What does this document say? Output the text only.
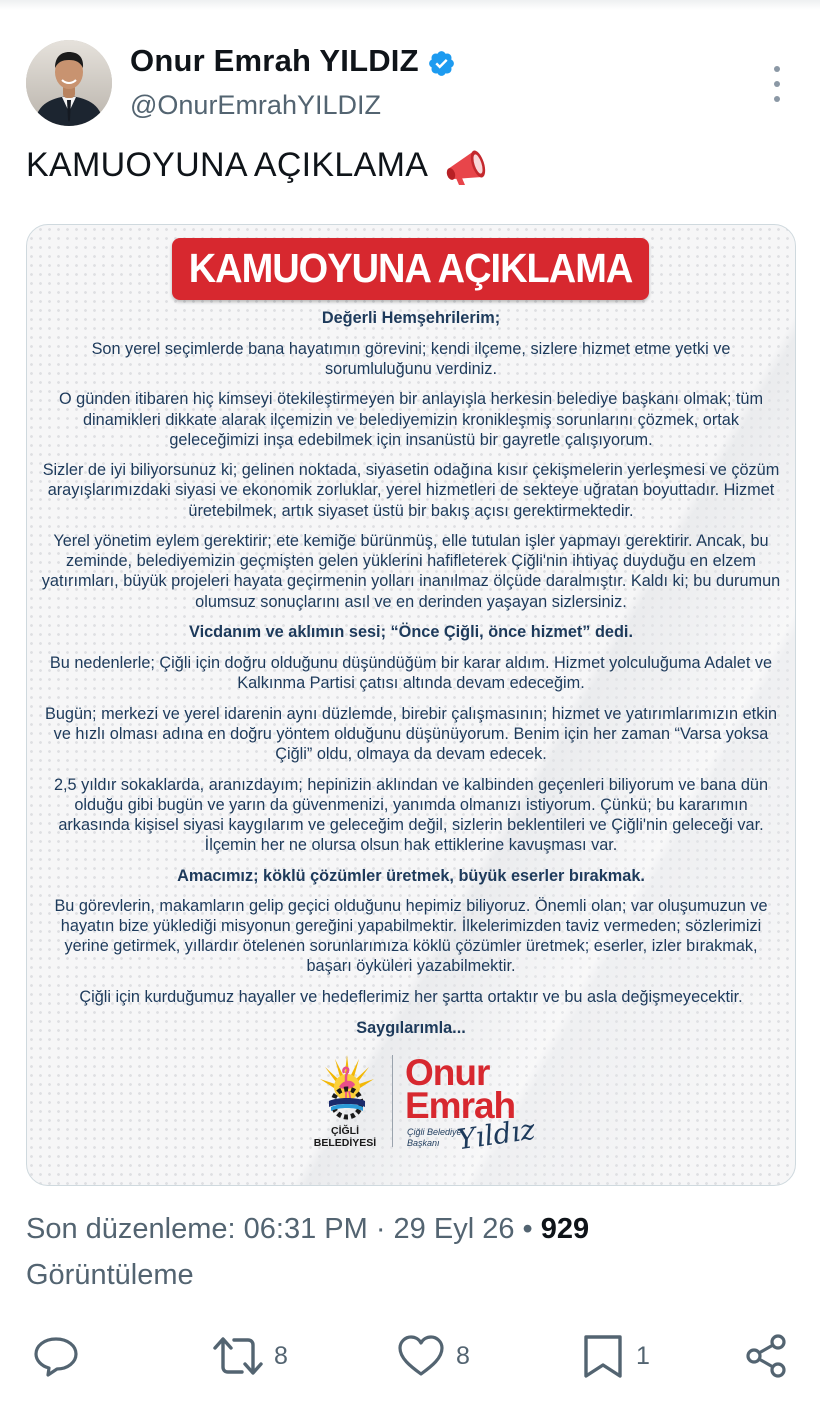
Onur Emrah YILDIZ
@OnurEmrahYILDIZ
KAMUOYUNA AÇIKLAMA
KAMUOYUNA AÇIKLAMA

Değerli Hemşehrilerim;

Son yerel seçimlerde bana hayatımın görevini; kendi ilçeme, sizlere hizmet etme yetki ve sorumluluğunu verdiniz.

O günden itibaren hiç kimseyi ötekileştirmeyen bir anlayışla herkesin belediye başkanı olmak; tüm dinamikleri dikkate alarak ilçemizin ve belediyemizin kronikleşmiş sorunlarını çözmek, ortak geleceğimizi inşa edebilmek için insanüstü bir gayretle çalışıyorum.

Sizler de iyi biliyorsunuz ki; gelinen noktada, siyasetin odağına kısır çekişmelerin yerleşmesi ve çözüm arayışlarımızdaki siyasi ve ekonomik zorluklar, yerel hizmetleri de sekteye uğratan boyuttadır. Hizmet üretebilmek, artık siyaset üstü bir bakış açısı gerektirmektedir.

Yerel yönetim eylem gerektirir; ete kemiğe bürünmüş, elle tutulan işler yapmayı gerektirir. Ancak, bu zeminde, belediyemizin geçmişten gelen yüklerini hafifleterek Çiğli'nin ihtiyaç duyduğu en elzem yatırımları, büyük projeleri hayata geçirmenin yolları inanılmaz ölçüde daralmıştır. Kaldı ki; bu durumun olumsuz sonuçlarını asıl ve en derinden yaşayan sizlersiniz.

Vicdanım ve aklımın sesi; “Önce Çiğli, önce hizmet” dedi.

Bu nedenlerle; Çiğli için doğru olduğunu düşündüğüm bir karar aldım. Hizmet yolculuğuma Adalet ve Kalkınma Partisi çatısı altında devam edeceğim.

Bugün; merkezi ve yerel idarenin aynı düzlemde, birebir çalışmasının; hizmet ve yatırımlarımızın etkin ve hızlı olması adına en doğru yöntem olduğunu düşünüyorum. Benim için her zaman “Varsa yoksa Çiğli” oldu, olmaya da devam edecek.

2,5 yıldır sokaklarda, aranızdayım; hepinizin aklından ve kalbinden geçenleri biliyorum ve bana dün olduğu gibi bugün ve yarın da güvenmenizi, yanımda olmanızı istiyorum. Çünkü; bu kararımın arkasında kişisel siyasi kaygılarım ve geleceğim değil, sizlerin beklentileri ve Çiğli'nin geleceği var. İlçemin her ne olursa olsun hak ettiklerine kavuşması var.

Amacımız; köklü çözümler üretmek, büyük eserler bırakmak.

Bu görevlerin, makamların gelip geçici olduğunu hepimiz biliyoruz. Önemli olan; var oluşumuzun ve hayatın bize yüklediği misyonun gereğini yapabilmektir. İlkelerimizden taviz vermeden; sözlerimizi yerine getirmek, yıllardır ötelenen sorunlarımıza köklü çözümler üretmek; eserler, izler bırakmak, başarı öyküleri yazabilmektir.

Çiğli için kurduğumuz hayaller ve hedeflerimiz her şartta ortaktır ve bu asla değişmeyecektir.

Saygılarımla...

ÇİĞLİ
BELEDİYESİ
Onur
Emrah
Çiğli Belediye Başkanı Yıldız
Son düzenleme: 06:31 PM · 29 Eyl 26 • 929
Görüntüleme
8	8	1
